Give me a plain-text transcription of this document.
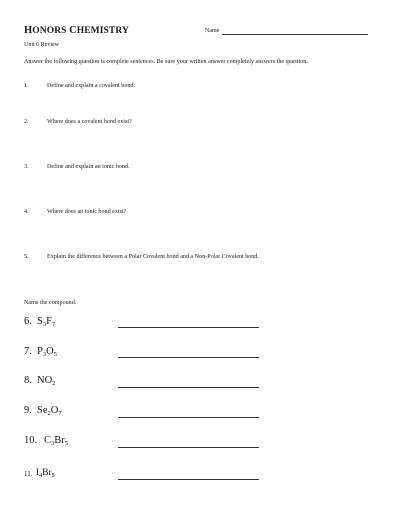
HONORS CHEMISTRY	Name
Unit 6 Review
Answer the following question is complete sentences. Be sure your written answer completely answers the question.
1.	Define and explain a covalent bond.
2.	Where does a covalent bond exist?
3.	Define and explain an ionic bond.
4.	Where does an ionic bond exist?
5.	Explain the difference between a Polar Covalent bond and a Non-Polar Covalent bond.
Name the compound.
6. $S_3F_7$
7. $P_3O_5$
8. $NO_2$
9. $Se_2O_7$
10. $C_3Br_5$
11. $I_4Br_8$
